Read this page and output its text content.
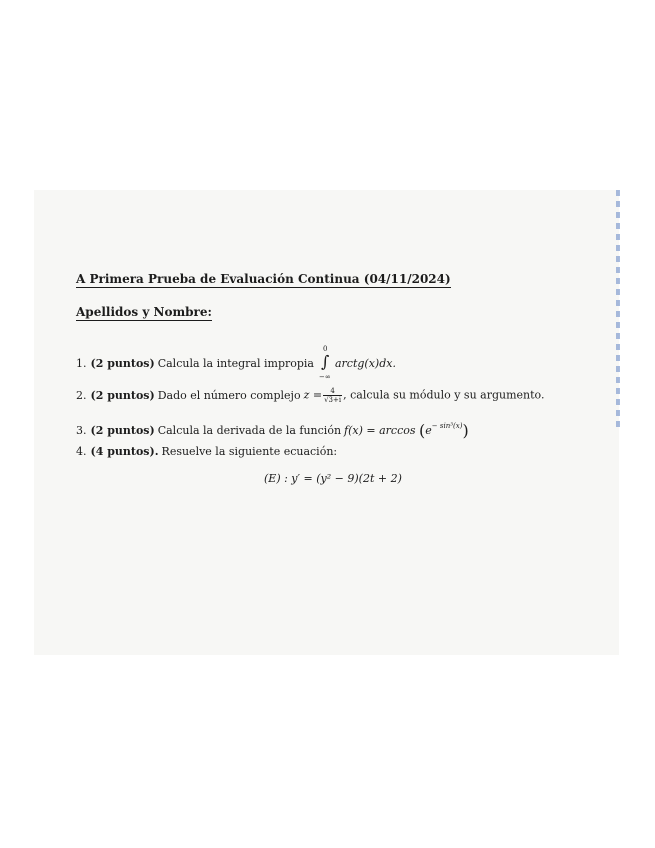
A Primera Prueba de Evaluación Continua (04/11/2024)
Apellidos y Nombre:
1. (2 puntos) Calcula la integral impropia
0
∫
−∞
arctg(x)dx.
2. (2 puntos) Dado el número complejo $z = \frac{4}{√3+i}$ , calcula su módulo y su argumento.
3. (2 puntos) Calcula la derivada de la función $f(x) = \arccos (e^{- sin^3(x)})$
4. (4 puntos). Resuelve la siguiente ecuación:
(E) : y′ = (y² − 9)(2t + 2)
